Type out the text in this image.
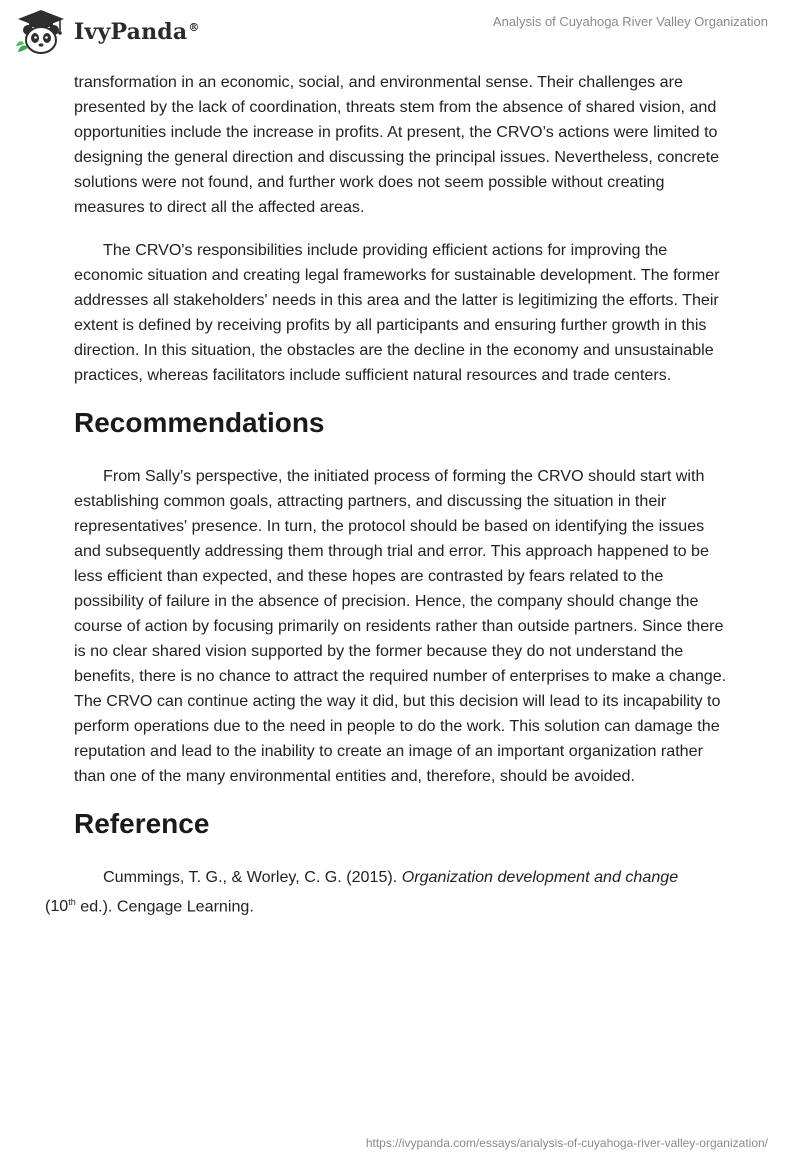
IvyPanda®	Analysis of Cuyahoga River Valley Organization

transformation in an economic, social, and environmental sense. Their challenges are presented by the lack of coordination, threats stem from the absence of shared vision, and opportunities include the increase in profits. At present, the CRVO’s actions were limited to designing the general direction and discussing the principal issues. Nevertheless, concrete solutions were not found, and further work does not seem possible without creating measures to direct all the affected areas.

The CRVO's responsibilities include providing efficient actions for improving the economic situation and creating legal frameworks for sustainable development. The former addresses all stakeholders' needs in this area and the latter is legitimizing the efforts. Their extent is defined by receiving profits by all participants and ensuring further growth in this direction. In this situation, the obstacles are the decline in the economy and unsustainable practices, whereas facilitators include sufficient natural resources and trade centers.

Recommendations

From Sally’s perspective, the initiated process of forming the CRVO should start with establishing common goals, attracting partners, and discussing the situation in their representatives' presence. In turn, the protocol should be based on identifying the issues and subsequently addressing them through trial and error. This approach happened to be less efficient than expected, and these hopes are contrasted by fears related to the possibility of failure in the absence of precision. Hence, the company should change the course of action by focusing primarily on residents rather than outside partners. Since there is no clear shared vision supported by the former because they do not understand the benefits, there is no chance to attract the required number of enterprises to make a change. The CRVO can continue acting the way it did, but this decision will lead to its incapability to perform operations due to the need in people to do the work. This solution can damage the reputation and lead to the inability to create an image of an important organization rather than one of the many environmental entities and, therefore, should be avoided.

Reference

Cummings, T. G., & Worley, C. G. (2015). Organization development and change
(10th ed.). Cengage Learning.

https://ivypanda.com/essays/analysis-of-cuyahoga-river-valley-organization/
